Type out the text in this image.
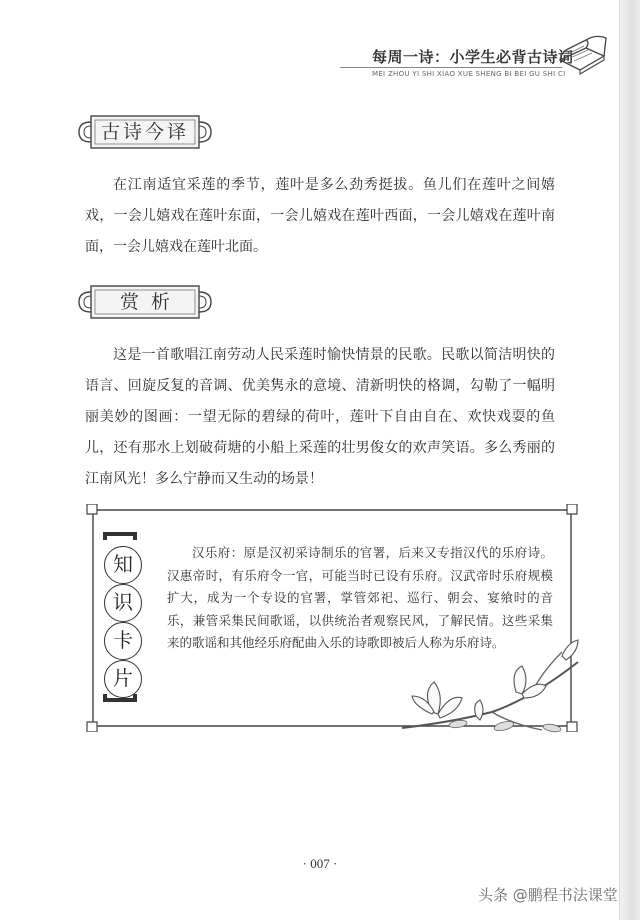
每周一诗：小学生必背古诗词
MEI ZHOU YI SHI XIAO XUE SHENG BI BEI GU SHI CI
古诗今译

在江南适宜采莲的季节，莲叶是多么劲秀挺拔。鱼儿们在莲叶之间嬉戏，一会儿嬉戏在莲叶东面，一会儿嬉戏在莲叶西面，一会儿嬉戏在莲叶南面，一会儿嬉戏在莲叶北面。

赏析

这是一首歌唱江南劳动人民采莲时愉快情景的民歌。民歌以简洁明快的语言、回旋反复的音调、优美隽永的意境、清新明快的格调，勾勒了一幅明丽美妙的图画：一望无际的碧绿的荷叶，莲叶下自由自在、欢快戏耍的鱼儿，还有那水上划破荷塘的小船上采莲的壮男俊女的欢声笑语。多么秀丽的江南风光！多么宁静而又生动的场景！

知
识
卡
片

汉乐府：原是汉初采诗制乐的官署，后来又专指汉代的乐府诗。汉惠帝时，有乐府令一官，可能当时已设有乐府。汉武帝时乐府规模扩大，成为一个专设的官署，掌管郊祀、巡行、朝会、宴飨时的音乐，兼管采集民间歌谣，以供统治者观察民风，了解民情。这些采集来的歌谣和其他经乐府配曲入乐的诗歌即被后人称为乐府诗。

· 007 ·
头条 @鹏程书法课堂
